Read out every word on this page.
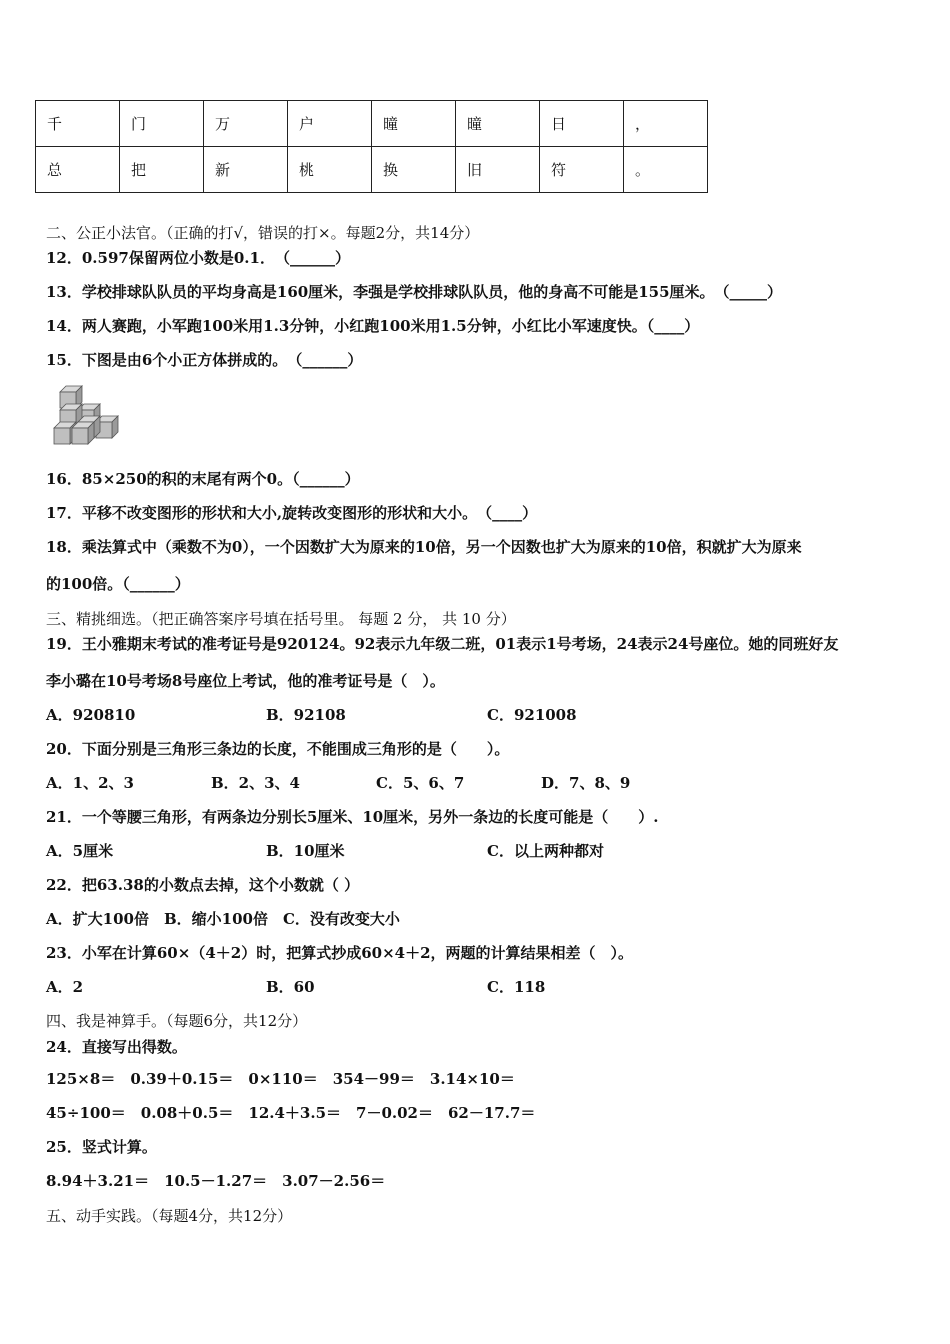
千	门	万	户	曈	曈	日	，
总	把	新	桃	换	旧	符	。
二、公正小法官。（正确的打√，错误的打×。每题2分，共14分）
12．0.597保留两位小数是0.1．　（______）
13．学校排球队队员的平均身高是160厘米，李强是学校排球队队员，他的身高不可能是155厘米。　（_____）
14．两人赛跑，小军跑100米用1.3分钟，小红跑100米用1.5分钟，小红比小军速度快。（____）
15．下图是由6个小正方体拼成的。　（______）
16．85×250的积的末尾有两个0。（______）
17．平移不改变图形的形状和大小,旋转改变图形的形状和大小。　（____）
18．乘法算式中（乘数不为0），一个因数扩大为原来的10倍，另一个因数也扩大为原来的10倍，积就扩大为原来
的100倍。（______）
三、精挑细选。（把正确答案序号填在括号里。 每题 2 分， 共 10 分）
19．王小雅期末考试的准考证号是920124。92表示九年级二班，01表示1号考场，24表示24号座位。她的同班好友
李小璐在10号考场8号座位上考试，他的准考证号是（　）。
A．920810	B．92108	C．921008
20．下面分别是三角形三条边的长度，不能围成三角形的是（　　）。
A．1、2、3	B．2、3、4	C．5、6、7	D．7、8、9
21．一个等腰三角形，有两条边分别长5厘米、10厘米，另外一条边的长度可能是（　　）.
A．5厘米	B．10厘米	C．以上两种都对
22．把63.38的小数点去掉，这个小数就（ ）
A．扩大100倍　B．缩小100倍　C．没有改变大小
23．小军在计算60×（4＋2）时，把算式抄成60×4＋2，两题的计算结果相差（　）。
A．2	B．60	C．118
四、我是神算手。（每题6分，共12分）
24．直接写出得数。
125×8＝　0.39＋0.15＝　0×110＝　354－99＝　3.14×10＝
45÷100＝　0.08＋0.5＝　12.4＋3.5＝　7－0.02＝　62－17.7＝
25．竖式计算。
8.94＋3.21＝　10.5－1.27＝　3.07－2.56＝
五、动手实践。（每题4分，共12分）
